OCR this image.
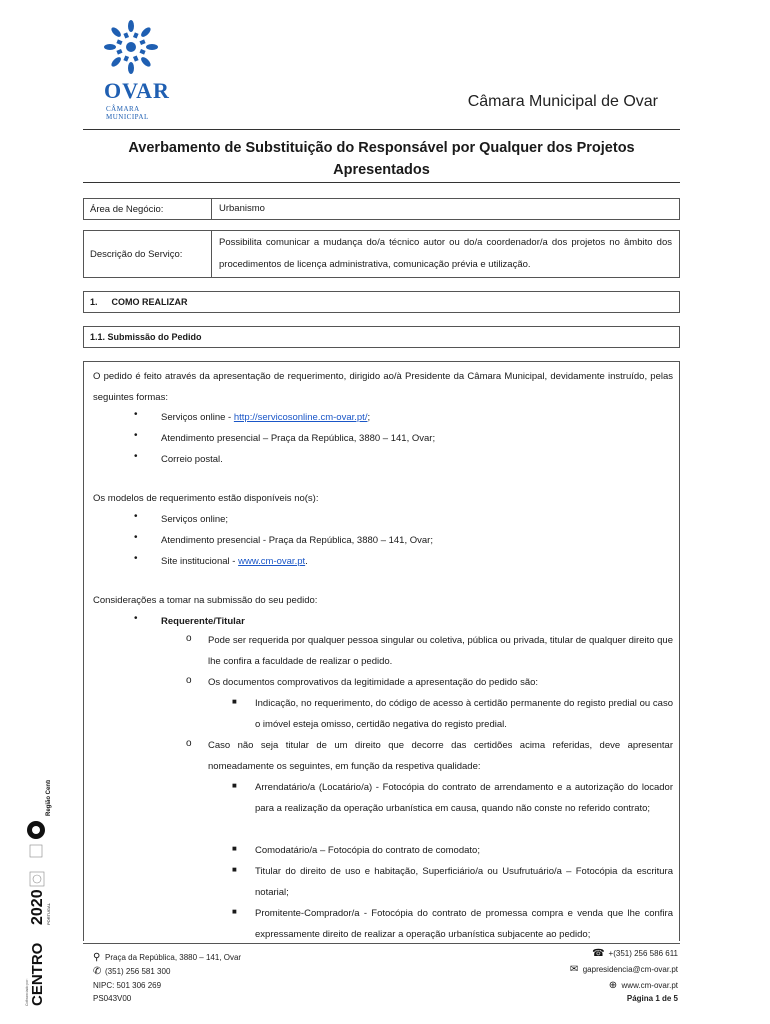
OVAR
CÂMARA
MUNICIPAL
Câmara Municipal de Ovar
Averbamento de Substituição do Responsável por Qualquer dos Projetos
Apresentados
Área de Negócio:	Urbanismo
Descrição do Serviço:
Possibilita comunicar a mudança do/a técnico autor ou do/a coordenador/a dos projetos no âmbito dos procedimentos de licença administrativa, comunicação prévia e utilização.
1. COMO REALIZAR
1.1. Submissão do Pedido
O pedido é feito através da apresentação de requerimento, dirigido ao/à Presidente da Câmara Municipal, devidamente instruído, pelas seguintes formas:
• Serviços online - http://servicosonline.cm-ovar.pt/;
• Atendimento presencial – Praça da República, 3880 – 141, Ovar;
• Correio postal.
Os modelos de requerimento estão disponíveis no(s):
• Serviços online;
• Atendimento presencial - Praça da República, 3880 – 141, Ovar;
• Site institucional - www.cm-ovar.pt.
Considerações a tomar na submissão do seu pedido:
• Requerente/Titular
o Pode ser requerida por qualquer pessoa singular ou coletiva, pública ou privada, titular de qualquer direito que lhe confira a faculdade de realizar o pedido.
o Os documentos comprovativos da legitimidade a apresentação do pedido são:
■ Indicação, no requerimento, do código de acesso à certidão permanente do registo predial ou caso o imóvel esteja omisso, certidão negativa do registo predial.
o Caso não seja titular de um direito que decorre das certidões acima referidas, deve apresentar nomeadamente os seguintes, em função da respetiva qualidade:
■ Arrendatário/a (Locatário/a) - Fotocópia do contrato de arrendamento e a autorização do locador para a realização da operação urbanística em causa, quando não conste no referido contrato;
■ Comodatário/a – Fotocópia do contrato de comodato;
■ Titular do direito de uso e habitação, Superficiário/a ou Usufrutuário/a – Fotocópia da escritura notarial;
■ Promitente-Comprador/a - Fotocópia do contrato de promessa compra e venda que lhe confira expressamente direito de realizar a operação urbanística subjacente ao pedido;
Região Centro
2020 PORTUGAL
CENTRO
Cofinanciado por:
⚲ Praça da República, 3880 – 141, Ovar
✆ (351) 256 581 300
NIPC: 501 306 269
PS043V00
☎ +(351) 256 586 611
✉ gapresidencia@cm-ovar.pt
⊕ www.cm-ovar.pt
Página 1 de 5
